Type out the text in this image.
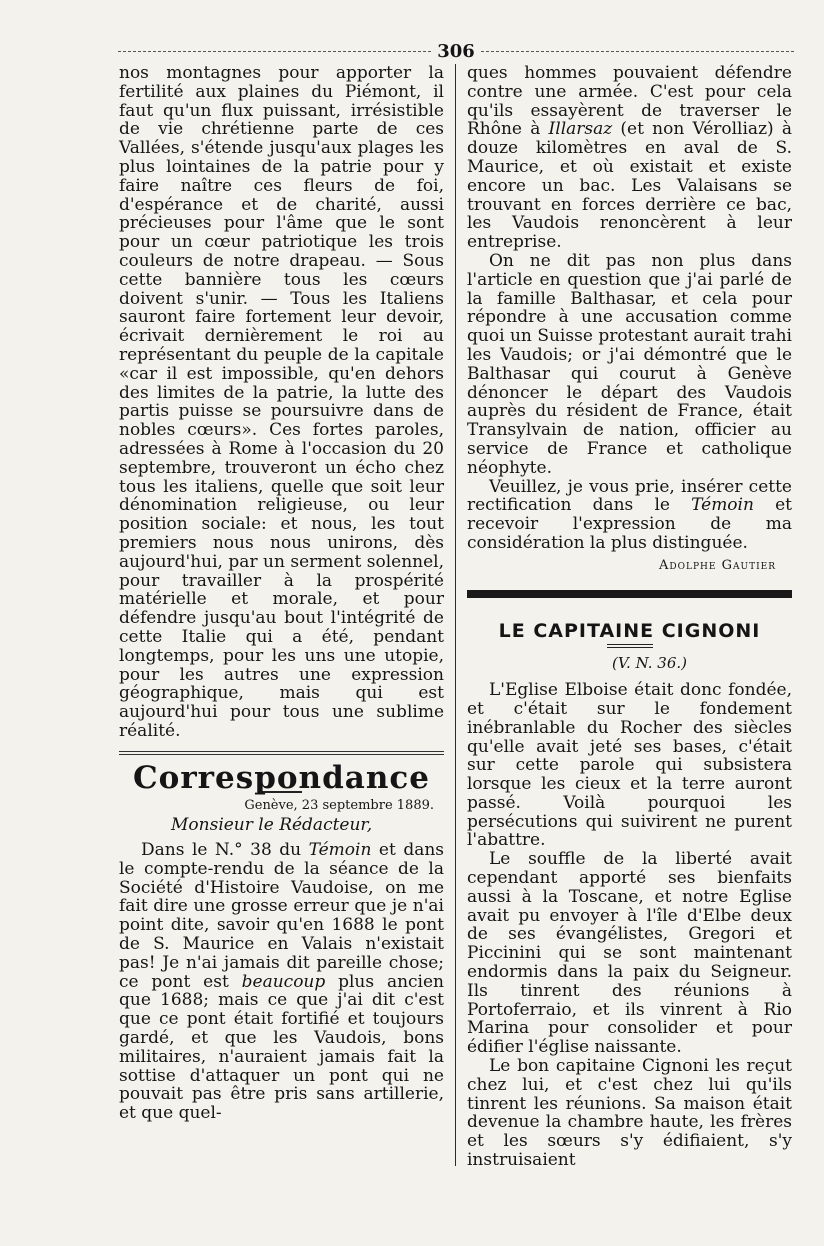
306

nos montagnes pour apporter la fertilité aux plaines du Piémont, il faut qu'un flux puissant, irrésistible de vie chrétienne parte de ces Vallées, s'étende jusqu'aux plages les plus lointaines de la patrie pour y faire naître ces fleurs de foi, d'espérance et de charité, aussi précieuses pour l'âme que le sont pour un cœur patriotique les trois couleurs de notre drapeau. — Sous cette bannière tous les cœurs doivent s'unir. — Tous les Italiens sauront faire fortement leur devoir, écrivait dernièrement le roi au représentant du peuple de la capitale «car il est impossible, qu'en dehors des limites de la patrie, la lutte des partis puisse se poursuivre dans de nobles cœurs». Ces fortes paroles, adressées à Rome à l'occasion du 20 septembre, trouveront un écho chez tous les italiens, quelle que soit leur dénomination religieuse, ou leur position sociale: et nous, les tout premiers nous nous unirons, dès aujourd'hui, par un serment solennel, pour travailler à la prospérité matérielle et morale, et pour défendre jusqu'au bout l'intégrité de cette Italie qui a été, pendant longtemps, pour les uns une utopie, pour les autres une expression géographique, mais qui est aujourd'hui pour tous une sublime réalité.

Correspondance

Genève, 23 septembre 1889.

Monsieur le Rédacteur,

Dans le N.° 38 du Témoin et dans le compte-rendu de la séance de la Société d'Histoire Vaudoise, on me fait dire une grosse erreur que je n'ai point dite, savoir qu'en 1688 le pont de S. Maurice en Valais n'existait pas! Je n'ai jamais dit pareille chose; ce pont est beaucoup plus ancien que 1688; mais ce que j'ai dit c'est que ce pont était fortifié et toujours gardé, et que les Vaudois, bons militaires, n'auraient jamais fait la sottise d'attaquer un pont qui ne pouvait pas être pris sans artillerie, et que quel-

ques hommes pouvaient défendre contre une armée. C'est pour cela qu'ils essayèrent de traverser le Rhône à Illarsaz (et non Vérolliaz) à douze kilomètres en aval de S. Maurice, et où existait et existe encore un bac. Les Valaisans se trouvant en forces derrière ce bac, les Vaudois renoncèrent à leur entreprise.

On ne dit pas non plus dans l'article en question que j'ai parlé de la famille Balthasar, et cela pour répondre à une accusation comme quoi un Suisse protestant aurait trahi les Vaudois; or j'ai démontré que le Balthasar qui courut à Genève dénoncer le départ des Vaudois auprès du résident de France, était Transylvain de nation, officier au service de France et catholique néophyte.

Veuillez, je vous prie, insérer cette rectification dans le Témoin et recevoir l'expression de ma considération la plus distinguée.

Adolphe Gautier

LE CAPITAINE CIGNONI

(V. N. 36.)

L'Eglise Elboise était donc fondée, et c'était sur le fondement inébranlable du Rocher des siècles qu'elle avait jeté ses bases, c'était sur cette parole qui subsistera lorsque les cieux et la terre auront passé. Voilà pourquoi les persécutions qui suivirent ne purent l'abattre.

Le souffle de la liberté avait cependant apporté ses bienfaits aussi à la Toscane, et notre Eglise avait pu envoyer à l'île d'Elbe deux de ses évangélistes, Gregori et Piccinini qui se sont maintenant endormis dans la paix du Seigneur. Ils tinrent des réunions à Portoferraio, et ils vinrent à Rio Marina pour consolider et pour édifier l'église naissante.

Le bon capitaine Cignoni les reçut chez lui, et c'est chez lui qu'ils tinrent les réunions. Sa maison était devenue la chambre haute, les frères et les sœurs s'y édifiaient, s'y instruisaient
